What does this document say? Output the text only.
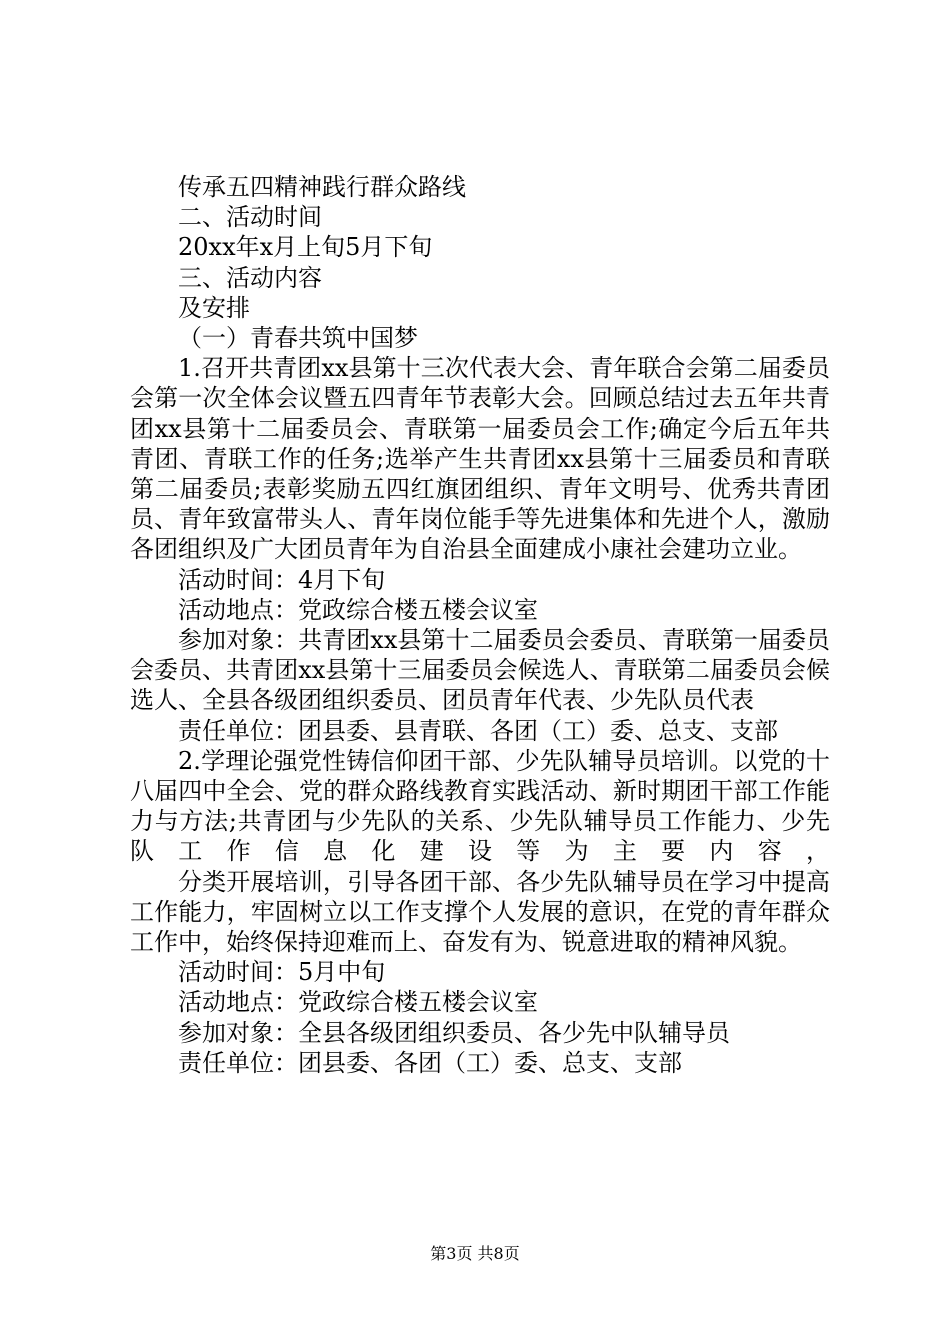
传承五四精神践行群众路线
二、活动时间
20xx年x月上旬5月下旬
三、活动内容
及安排
（一）青春共筑中国梦
1.召开共青团xx县第十三次代表大会、青年联合会第二届委员会第一次全体会议暨五四青年节表彰大会。回顾总结过去五年共青团xx县第十二届委员会、青联第一届委员会工作;确定今后五年共青团、青联工作的任务;选举产生共青团xx县第十三届委员和青联第二届委员;表彰奖励五四红旗团组织、青年文明号、优秀共青团员、青年致富带头人、青年岗位能手等先进集体和先进个人，激励各团组织及广大团员青年为自治县全面建成小康社会建功立业。
活动时间：4月下旬
活动地点：党政综合楼五楼会议室
参加对象：共青团xx县第十二届委员会委员、青联第一届委员会委员、共青团xx县第十三届委员会候选人、青联第二届委员会候选人、全县各级团组织委员、团员青年代表、少先队员代表
责任单位：团县委、县青联、各团（工）委、总支、支部
2.学理论强党性铸信仰团干部、少先队辅导员培训。以党的十八届四中全会、党的群众路线教育实践活动、新时期团干部工作能力与方法;共青团与少先队的关系、少先队辅导员工作能力、少先队工作信息化建设等为主要内容，
分类开展培训，引导各团干部、各少先队辅导员在学习中提高工作能力，牢固树立以工作支撑个人发展的意识，在党的青年群众工作中，始终保持迎难而上、奋发有为、锐意进取的精神风貌。
活动时间：5月中旬
活动地点：党政综合楼五楼会议室
参加对象：全县各级团组织委员、各少先中队辅导员
责任单位：团县委、各团（工）委、总支、支部
第3页 共8页
